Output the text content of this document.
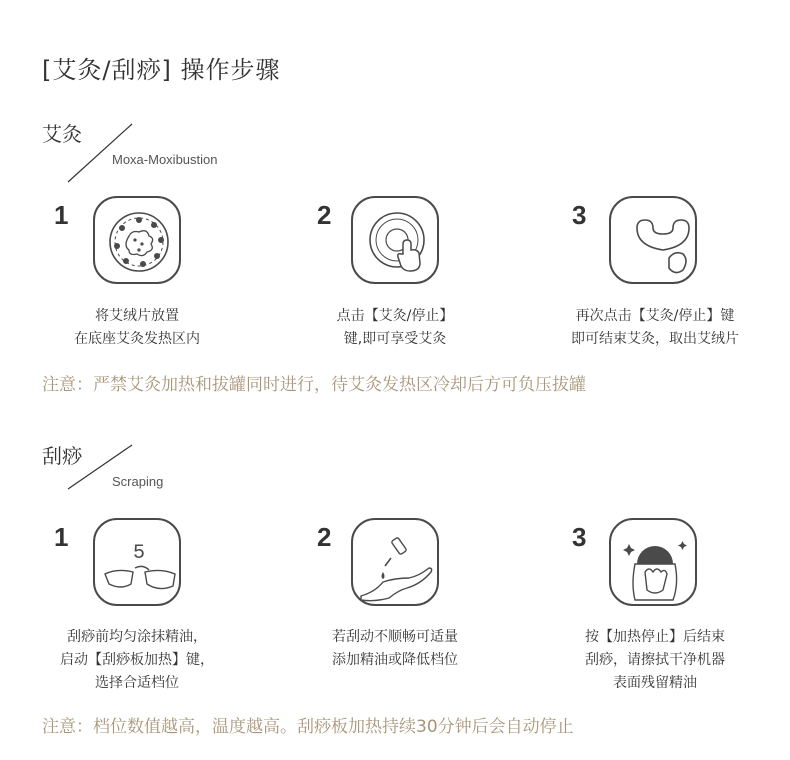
[艾灸/刮痧] 操作步骤
艾灸
Moxa-Moxibustion
1
将艾绒片放置
在底座艾灸发热区内
2
点击【艾灸/停止】
键,即可享受艾灸
3
再次点击【艾灸/停止】键
即可结束艾灸，取出艾绒片
注意：严禁艾灸加热和拔罐同时进行，待艾灸发热区冷却后方可负压拔罐
刮痧
Scraping
1
5
刮痧前均匀涂抹精油，
启动【刮痧板加热】键，
选择合适档位
2
若刮动不顺畅可适量
添加精油或降低档位
3
按【加热停止】后结束
刮痧，请擦拭干净机器
表面残留精油
注意：档位数值越高，温度越高。刮痧板加热持续30分钟后会自动停止
